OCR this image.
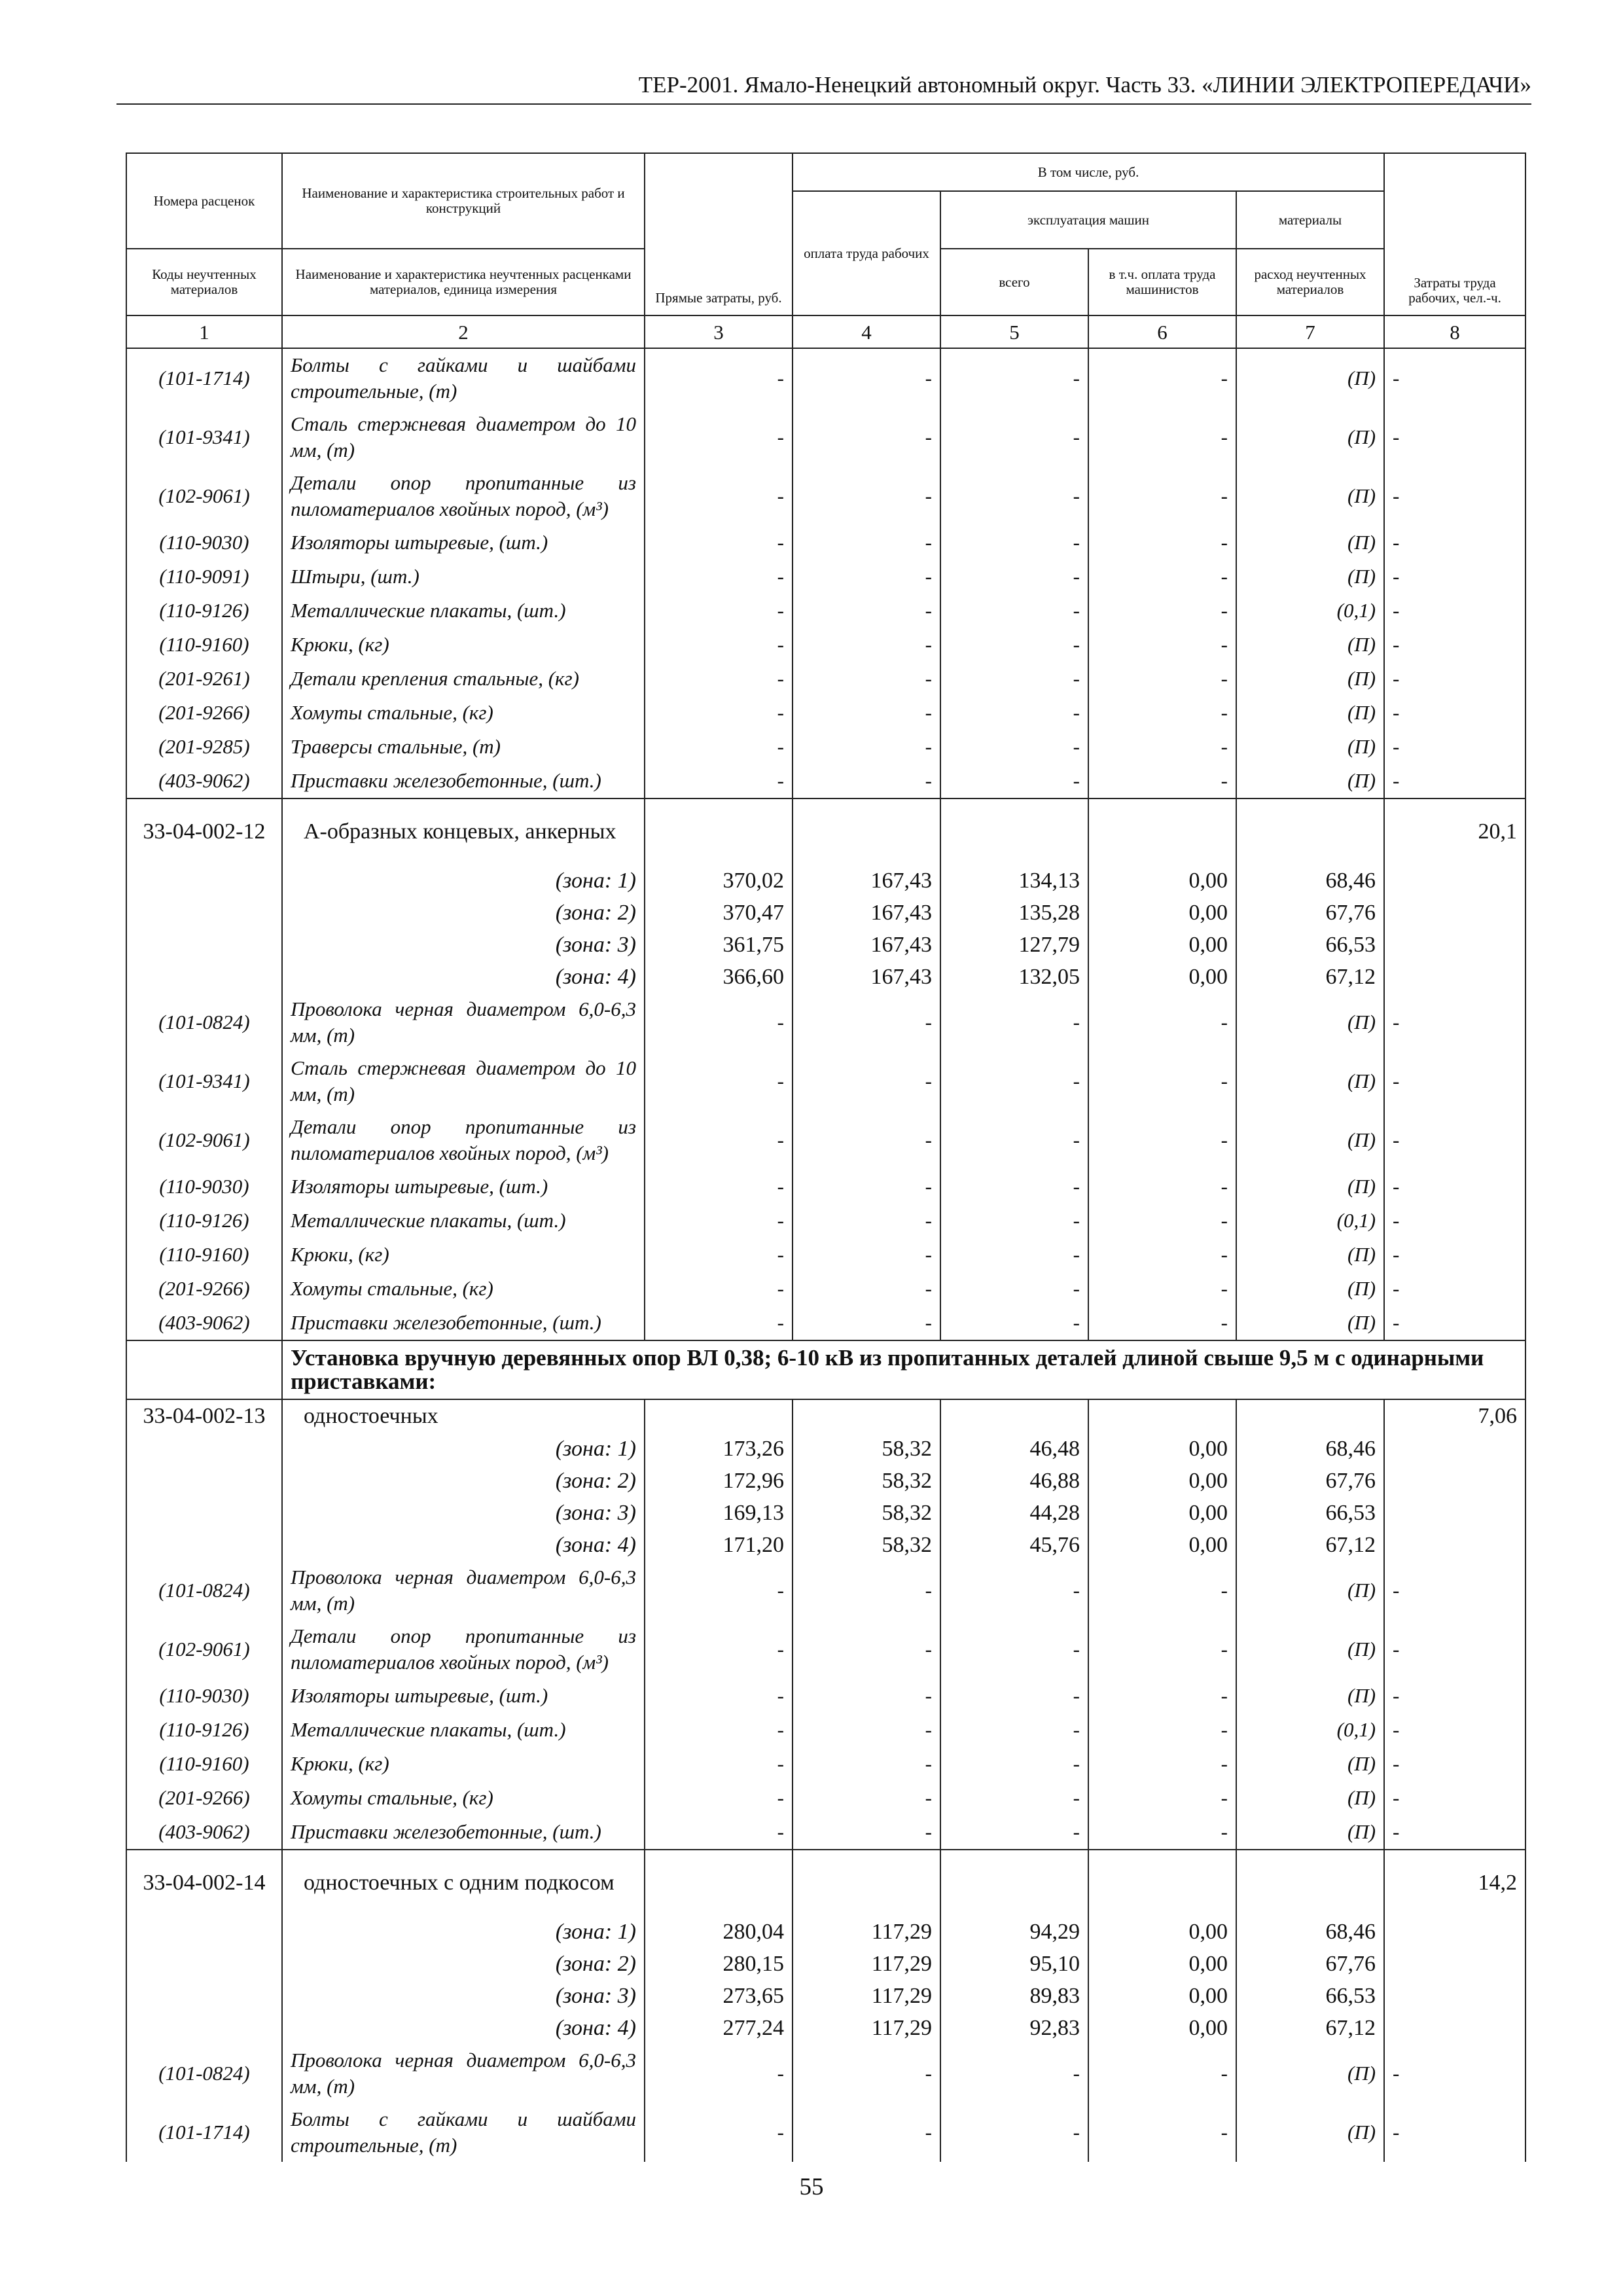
ТЕР-2001. Ямало-Ненецкий автономный округ. Часть 33. «ЛИНИИ ЭЛЕКТРОПЕРЕДАЧИ»
Номера расценок	Наименование и характеристика строительных работ и конструкций	Прямые затраты, руб.	В том числе, руб.				Затраты труда рабочих, чел.-ч.
			оплата труда рабочих	эксплуатация машин		материалы	
Коды неучтенных материалов	Наименование и характеристика неучтенных расценками материалов, единица измерения			всего	в т.ч. оплата труда машинистов	расход неучтенных материалов	
1	2	3	4	5	6	7	8
(101-1714)	Болты с гайками и шайбами строительные, (т)	-	-	-	-	(П)	-
(101-9341)	Сталь стержневая диаметром до 10 мм, (т)	-	-	-	-	(П)	-
(102-9061)	Детали опор пропитанные из пиломатериалов хвойных пород, (м³)	-	-	-	-	(П)	-
(110-9030)	Изоляторы штыревые, (шт.)	-	-	-	-	(П)	-
(110-9091)	Штыри, (шт.)	-	-	-	-	(П)	-
(110-9126)	Металлические плакаты, (шт.)	-	-	-	-	(0,1)	-
(110-9160)	Крюки, (кг)	-	-	-	-	(П)	-
(201-9261)	Детали крепления стальные, (кг)	-	-	-	-	(П)	-
(201-9266)	Хомуты стальные, (кг)	-	-	-	-	(П)	-
(201-9285)	Траверсы стальные, (т)	-	-	-	-	(П)	-
(403-9062)	Приставки железобетонные, (шт.)	-	-	-	-	(П)	-
33-04-002-12	А-образных концевых, анкерных						20,1
	(зона: 1)	370,02	167,43	134,13	0,00	68,46	
	(зона: 2)	370,47	167,43	135,28	0,00	67,76	
	(зона: 3)	361,75	167,43	127,79	0,00	66,53	
	(зона: 4)	366,60	167,43	132,05	0,00	67,12	
(101-0824)	Проволока черная диаметром 6,0-6,3 мм, (т)	-	-	-	-	(П)	-
(101-9341)	Сталь стержневая диаметром до 10 мм, (т)	-	-	-	-	(П)	-
(102-9061)	Детали опор пропитанные из пиломатериалов хвойных пород, (м³)	-	-	-	-	(П)	-
(110-9030)	Изоляторы штыревые, (шт.)	-	-	-	-	(П)	-
(110-9126)	Металлические плакаты, (шт.)	-	-	-	-	(0,1)	-
(110-9160)	Крюки, (кг)	-	-	-	-	(П)	-
(201-9266)	Хомуты стальные, (кг)	-	-	-	-	(П)	-
(403-9062)	Приставки железобетонные, (шт.)	-	-	-	-	(П)	-
	Установка вручную деревянных опор ВЛ 0,38; 6-10 кВ из пропитанных деталей длиной свыше 9,5 м с одинарными приставками:						
33-04-002-13	одностоечных						7,06
	(зона: 1)	173,26	58,32	46,48	0,00	68,46	
	(зона: 2)	172,96	58,32	46,88	0,00	67,76	
	(зона: 3)	169,13	58,32	44,28	0,00	66,53	
	(зона: 4)	171,20	58,32	45,76	0,00	67,12	
(101-0824)	Проволока черная диаметром 6,0-6,3 мм, (т)	-	-	-	-	(П)	-
(102-9061)	Детали опор пропитанные из пиломатериалов хвойных пород, (м³)	-	-	-	-	(П)	-
(110-9030)	Изоляторы штыревые, (шт.)	-	-	-	-	(П)	-
(110-9126)	Металлические плакаты, (шт.)	-	-	-	-	(0,1)	-
(110-9160)	Крюки, (кг)	-	-	-	-	(П)	-
(201-9266)	Хомуты стальные, (кг)	-	-	-	-	(П)	-
(403-9062)	Приставки железобетонные, (шт.)	-	-	-	-	(П)	-
33-04-002-14	одностоечных с одним подкосом						14,2
	(зона: 1)	280,04	117,29	94,29	0,00	68,46	
	(зона: 2)	280,15	117,29	95,10	0,00	67,76	
	(зона: 3)	273,65	117,29	89,83	0,00	66,53	
	(зона: 4)	277,24	117,29	92,83	0,00	67,12	
(101-0824)	Проволока черная диаметром 6,0-6,3 мм, (т)	-	-	-	-	(П)	-
(101-1714)	Болты с гайками и шайбами строительные, (т)	-	-	-	-	(П)	-
55
